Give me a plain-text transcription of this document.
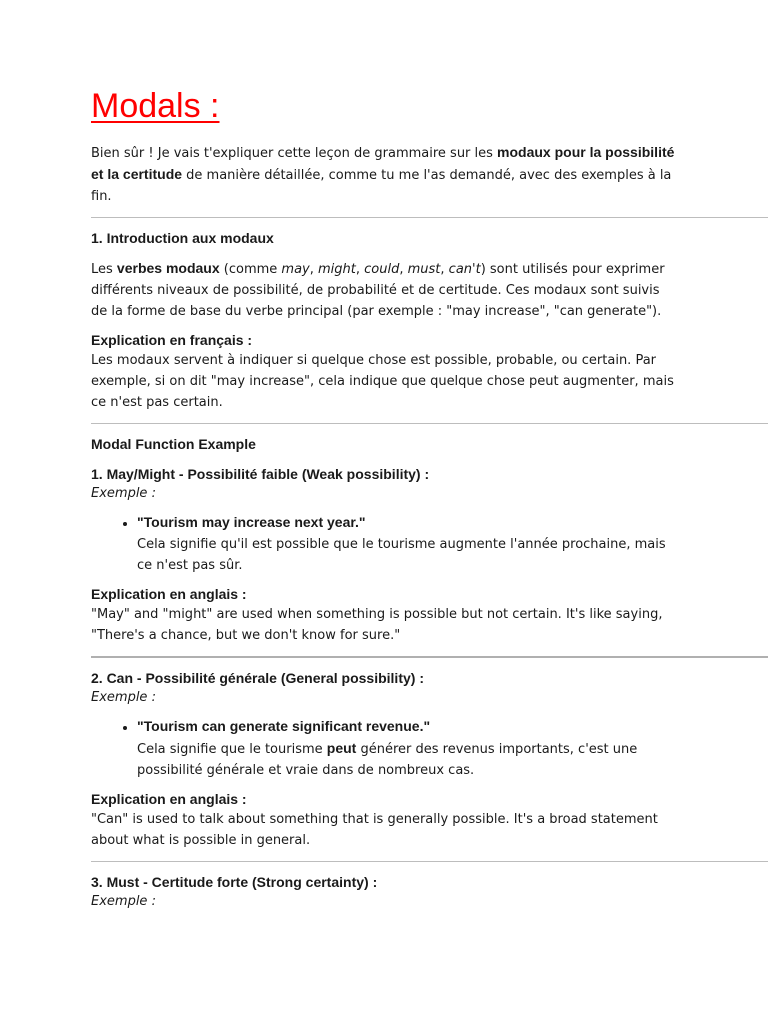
Modals :

Bien sûr ! Je vais t'expliquer cette leçon de grammaire sur les modaux pour la possibilité et la certitude de manière détaillée, comme tu me l'as demandé, avec des exemples à la fin.

1. Introduction aux modaux

Les verbes modaux (comme may, might, could, must, can't) sont utilisés pour exprimer différents niveaux de possibilité, de probabilité et de certitude. Ces modaux sont suivis de la forme de base du verbe principal (par exemple : "may increase", "can generate").

Explication en français :

Les modaux servent à indiquer si quelque chose est possible, probable, ou certain. Par exemple, si on dit "may increase", cela indique que quelque chose peut augmenter, mais ce n'est pas certain.

Modal Function Example
1. May/Might - Possibilité faible (Weak possibility) :
Exemple :
• "Tourism may increase next year."
Cela signifie qu'il est possible que le tourisme augmente l'année prochaine, mais ce n'est pas sûr.
Explication en anglais :

"May" and "might" are used when something is possible but not certain. It's like saying, "There's a chance, but we don't know for sure."

2. Can - Possibilité générale (General possibility) :
Exemple :
• "Tourism can generate significant revenue."
Cela signifie que le tourisme peut générer des revenus importants, c'est une possibilité générale et vraie dans de nombreux cas.
Explication en anglais :

"Can" is used to talk about something that is generally possible. It's a broad statement about what is possible in general.

3. Must - Certitude forte (Strong certainty) :
Exemple :
